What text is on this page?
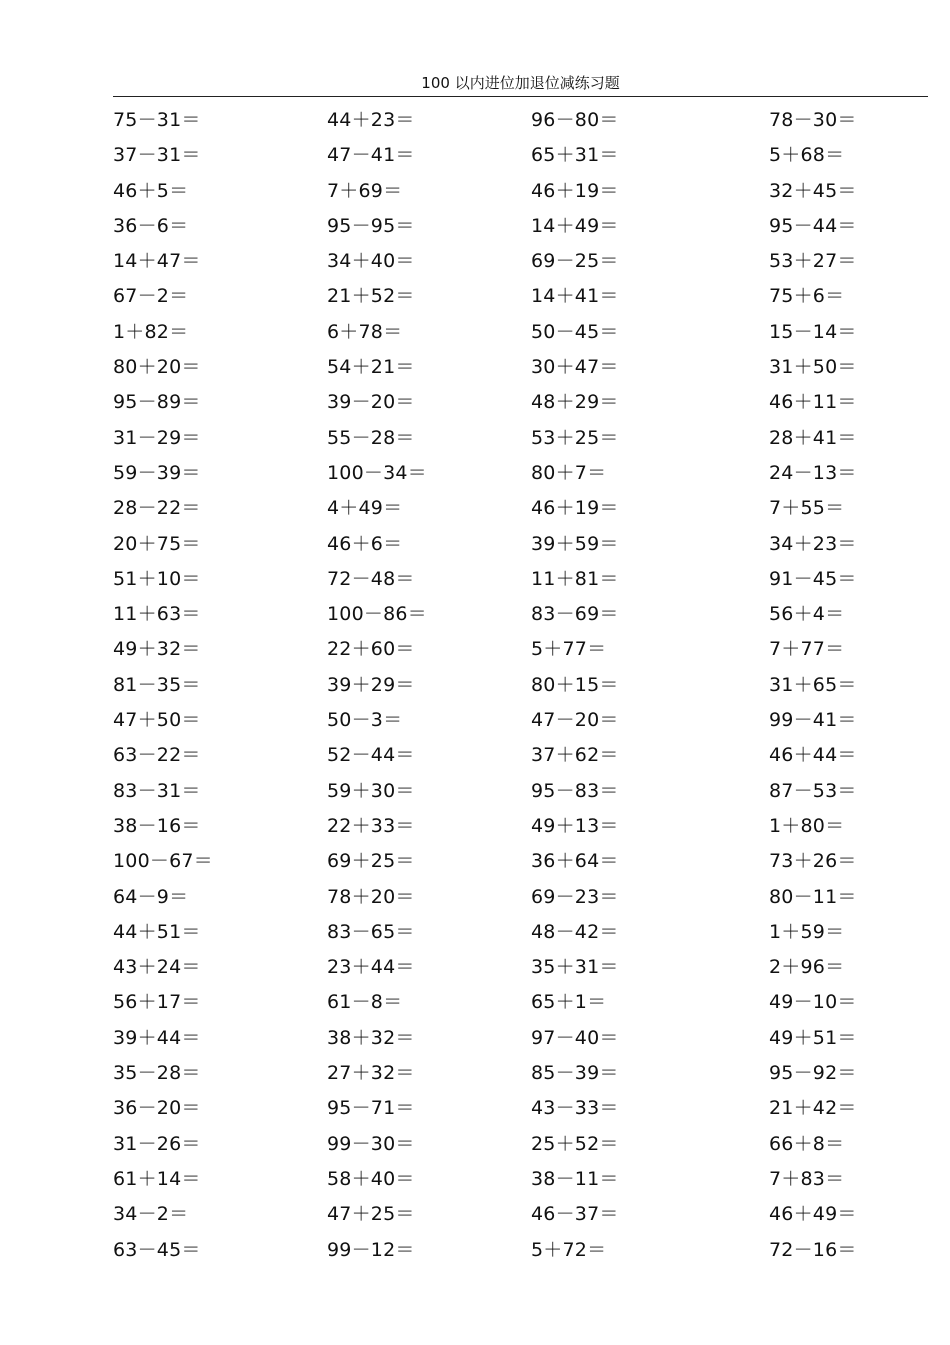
100 以内进位加退位减练习题
75－31＝	44＋23＝	96－80＝	78－30＝
37－31＝	47－41＝	65＋31＝	5＋68＝
46＋5＝	7＋69＝	46＋19＝	32＋45＝
36－6＝	95－95＝	14＋49＝	95－44＝
14＋47＝	34＋40＝	69－25＝	53＋27＝
67－2＝	21＋52＝	14＋41＝	75＋6＝
1＋82＝	6＋78＝	50－45＝	15－14＝
80＋20＝	54＋21＝	30＋47＝	31＋50＝
95－89＝	39－20＝	48＋29＝	46＋11＝
31－29＝	55－28＝	53＋25＝	28＋41＝
59－39＝	100－34＝	80＋7＝	24－13＝
28－22＝	4＋49＝	46＋19＝	7＋55＝
20＋75＝	46＋6＝	39＋59＝	34＋23＝
51＋10＝	72－48＝	11＋81＝	91－45＝
11＋63＝	100－86＝	83－69＝	56＋4＝
49＋32＝	22＋60＝	5＋77＝	7＋77＝
81－35＝	39＋29＝	80＋15＝	31＋65＝
47＋50＝	50－3＝	47－20＝	99－41＝
63－22＝	52－44＝	37＋62＝	46＋44＝
83－31＝	59＋30＝	95－83＝	87－53＝
38－16＝	22＋33＝	49＋13＝	1＋80＝
100－67＝	69＋25＝	36＋64＝	73＋26＝
64－9＝	78＋20＝	69－23＝	80－11＝
44＋51＝	83－65＝	48－42＝	1＋59＝
43＋24＝	23＋44＝	35＋31＝	2＋96＝
56＋17＝	61－8＝	65＋1＝	49－10＝
39＋44＝	38＋32＝	97－40＝	49＋51＝
35－28＝	27＋32＝	85－39＝	95－92＝
36－20＝	95－71＝	43－33＝	21＋42＝
31－26＝	99－30＝	25＋52＝	66＋8＝
61＋14＝	58＋40＝	38－11＝	7＋83＝
34－2＝	47＋25＝	46－37＝	46＋49＝
63－45＝	99－12＝	5＋72＝	72－16＝
